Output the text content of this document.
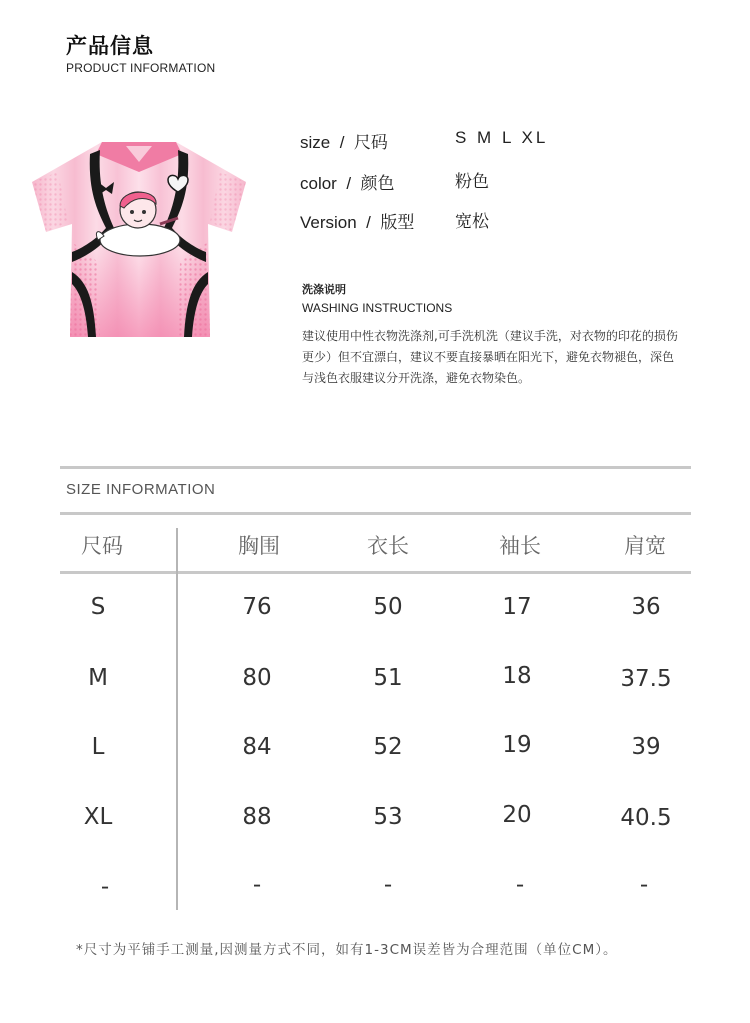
产品信息
PRODUCT INFORMATION
size / 尺码	S M L XL
color / 颜色	粉色
Version / 版型 宽松
洗涤说明
WASHING INSTRUCTIONS
建议使用中性衣物洗涤剂,可手洗机洗（建议手洗，对衣物的印花的损伤更少）但不宜漂白，建议不要直接暴晒在阳光下，避免衣物褪色，深色与浅色衣服建议分开洗涤，避免衣物染色。
SIZE INFORMATION
尺码	胸围	衣长	袖长	肩宽
S	76	50	17	36
M	80	51	18	37.5
L	84	52	19	39
XL	88	53	20	40.5
-	-	-	-	-
*尺寸为平铺手工测量,因测量方式不同，如有1-3CM误差皆为合理范围（单位CM）。
